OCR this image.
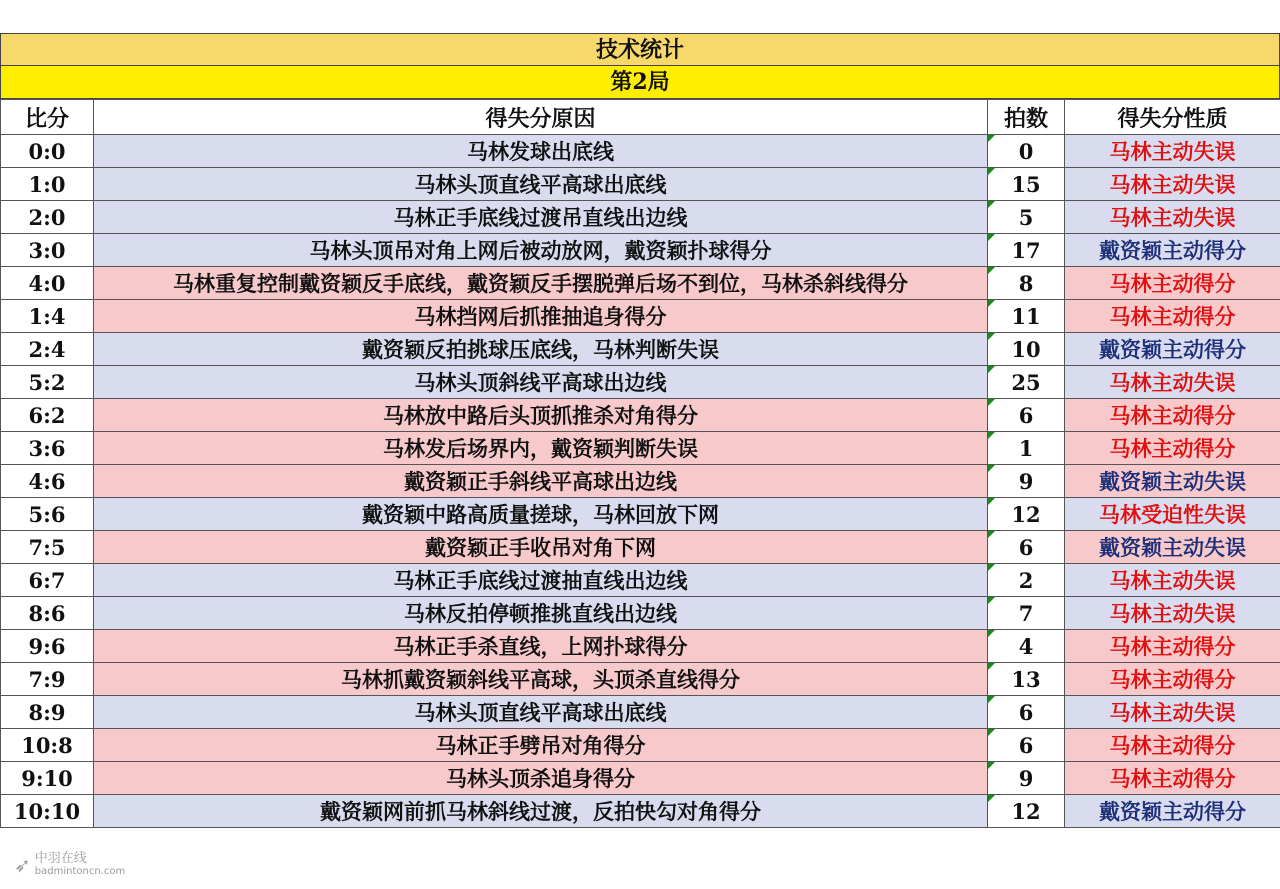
技术统计
第2局
比分	得失分原因	拍数	得失分性质
0:0	马林发球出底线	0	马林主动失误
1:0	马林头顶直线平高球出底线	15	马林主动失误
2:0	马林正手底线过渡吊直线出边线	5	马林主动失误
3:0	马林头顶吊对角上网后被动放网，戴资颖扑球得分	17	戴资颖主动得分
4:0	马林重复控制戴资颖反手底线，戴资颖反手摆脱弹后场不到位，马林杀斜线得分	8	马林主动得分
1:4	马林挡网后抓推抽追身得分	11	马林主动得分
2:4	戴资颖反拍挑球压底线，马林判断失误	10	戴资颖主动得分
5:2	马林头顶斜线平高球出边线	25	马林主动失误
6:2	马林放中路后头顶抓推杀对角得分	6	马林主动得分
3:6	马林发后场界内，戴资颖判断失误	1	马林主动得分
4:6	戴资颖正手斜线平高球出边线	9	戴资颖主动失误
5:6	戴资颖中路高质量搓球，马林回放下网	12	马林受迫性失误
7:5	戴资颖正手收吊对角下网	6	戴资颖主动失误
6:7	马林正手底线过渡抽直线出边线	2	马林主动失误
8:6	马林反拍停顿推挑直线出边线	7	马林主动失误
9:6	马林正手杀直线，上网扑球得分	4	马林主动得分
7:9	马林抓戴资颖斜线平高球，头顶杀直线得分	13	马林主动得分
8:9	马林头顶直线平高球出底线	6	马林主动失误
10:8	马林正手劈吊对角得分	6	马林主动得分
9:10	马林头顶杀追身得分	9	马林主动得分
10:10	戴资颖网前抓马林斜线过渡，反拍快勾对角得分	12	戴资颖主动得分
➶ 中羽在线
badmintoncn.com
